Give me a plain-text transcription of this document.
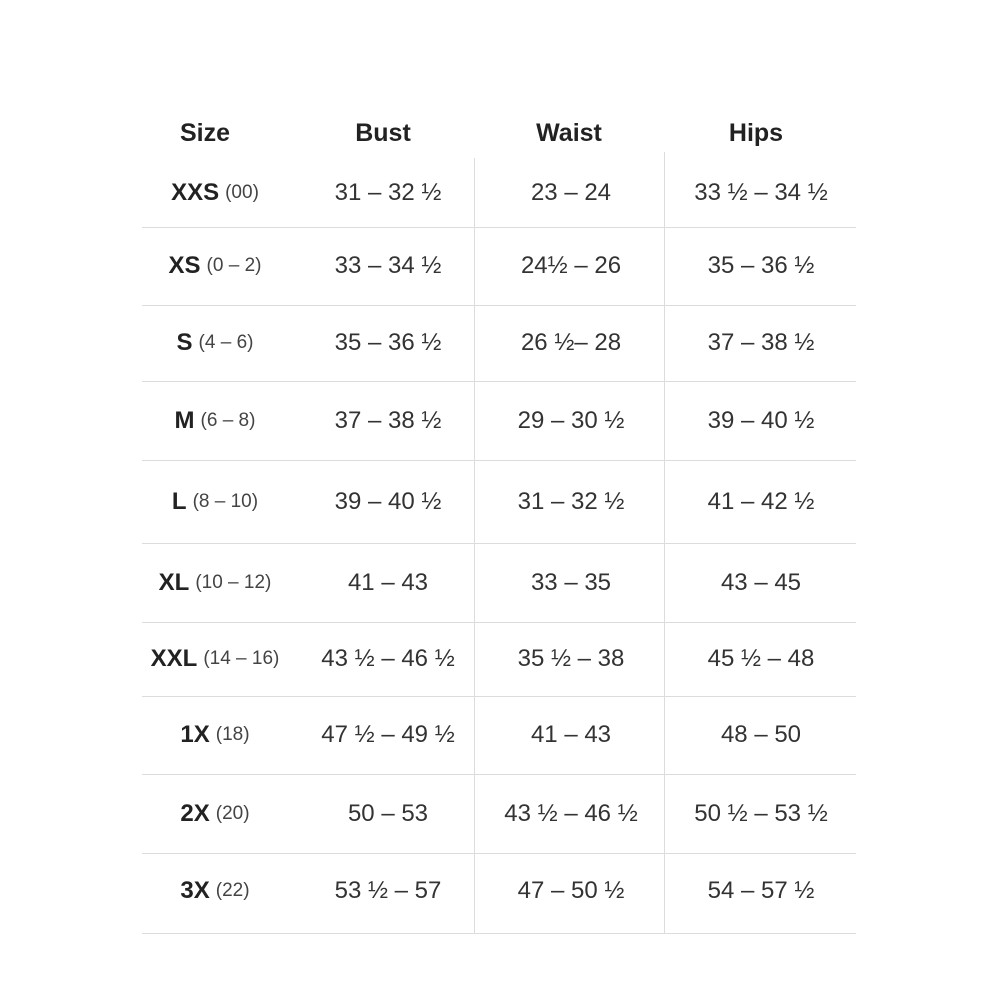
Size	Bust	Waist	Hips
XXS (00)	31 – 32 ½	23 – 24	33 ½ – 34 ½
XS (0 – 2)	33 – 34 ½	24½ – 26	35 – 36 ½
S (4 – 6)	35 – 36 ½	26 ½– 28	37 – 38 ½
M (6 – 8)	37 – 38 ½	29 – 30 ½	39 – 40 ½
L (8 – 10)	39 – 40 ½	31 – 32 ½	41 – 42 ½
XL (10 – 12)	41 – 43	33 – 35	43 – 45
XXL (14 – 16)	43 ½ – 46 ½	35 ½ – 38	45 ½ – 48
1X (18)	47 ½ – 49 ½	41 – 43	48 – 50
2X (20)	50 – 53	43 ½ – 46 ½	50 ½ – 53 ½
3X (22)	53 ½ – 57	47 – 50 ½	54 – 57 ½
